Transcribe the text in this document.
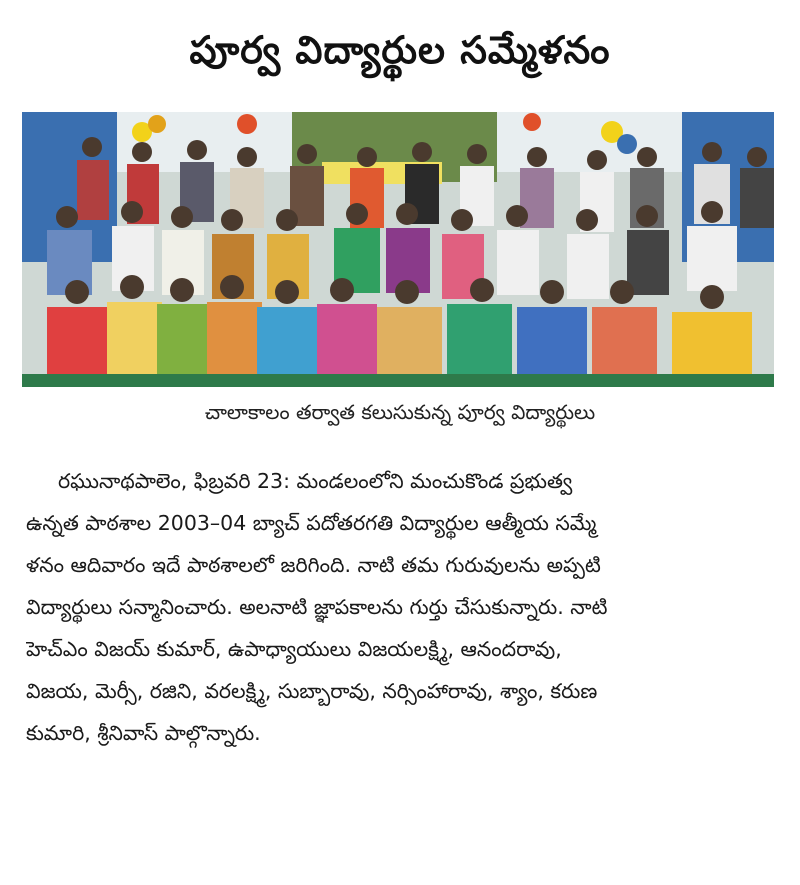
పూర్వ విద్యార్థుల సమ్మేళనం
చాలాకాలం తర్వాత కలుసుకున్న పూర్వ విద్యార్థులు
రఘునాథపాలెం, ఫిబ్రవరి 23: మండలంలోని మంచుకొండ ప్రభుత్వ
ఉన్నత పాఠశాల 2003–04 బ్యాచ్ పదోతరగతి విద్యార్థుల ఆత్మీయ సమ్మే
ళనం ఆదివారం ఇదే పాఠశాలలో జరిగింది. నాటి తమ గురువులను అప్పటి
విద్యార్థులు సన్మానించారు. అలనాటి జ్ఞాపకాలను గుర్తు చేసుకున్నారు. నాటి
హెచ్ఎం విజయ్ కుమార్, ఉపాధ్యాయులు విజయలక్ష్మి, ఆనందరావు,
విజయ, మెర్సీ, రజిని, వరలక్ష్మి, సుబ్బారావు, నర్సింహారావు, శ్యాం, కరుణ
కుమారి, శ్రీనివాస్ పాల్గొన్నారు.
